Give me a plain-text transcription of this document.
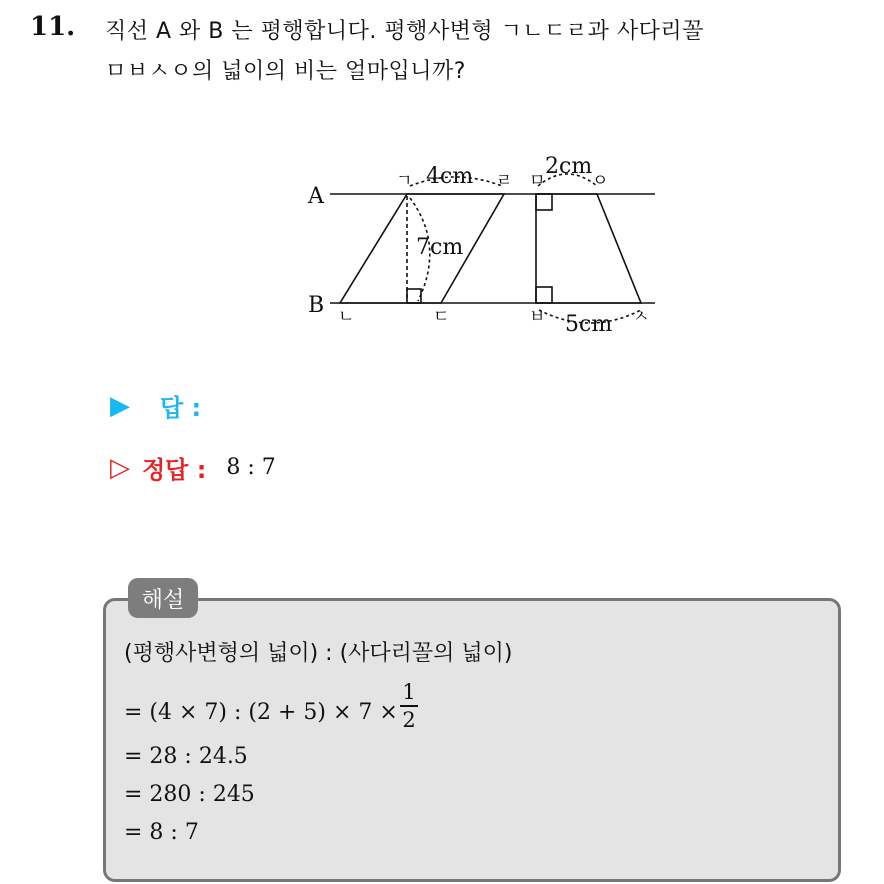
11. 직선 A 와 B 는 평행합니다. 평행사변형 ㄱㄴㄷㄹ과 사다리꼴
ㅁㅂㅅㅇ의 넓이의 비는 얼마입니까?
A
B
4cm	2cm
7cm
5cm
ㄱ	ㄹ ㅁ	ㅇ
ㄴ	ㄷ	ㅂ	ㅅ
▶ 답 :
▷ 정답 : 8 : 7
해설
(평행사변형의 넓이) : (사다리꼴의 넓이)
= (4 × 7) : (2 + 5) × 7 ×
1
2
= 28 : 24.5
= 280 : 245
= 8 : 7
